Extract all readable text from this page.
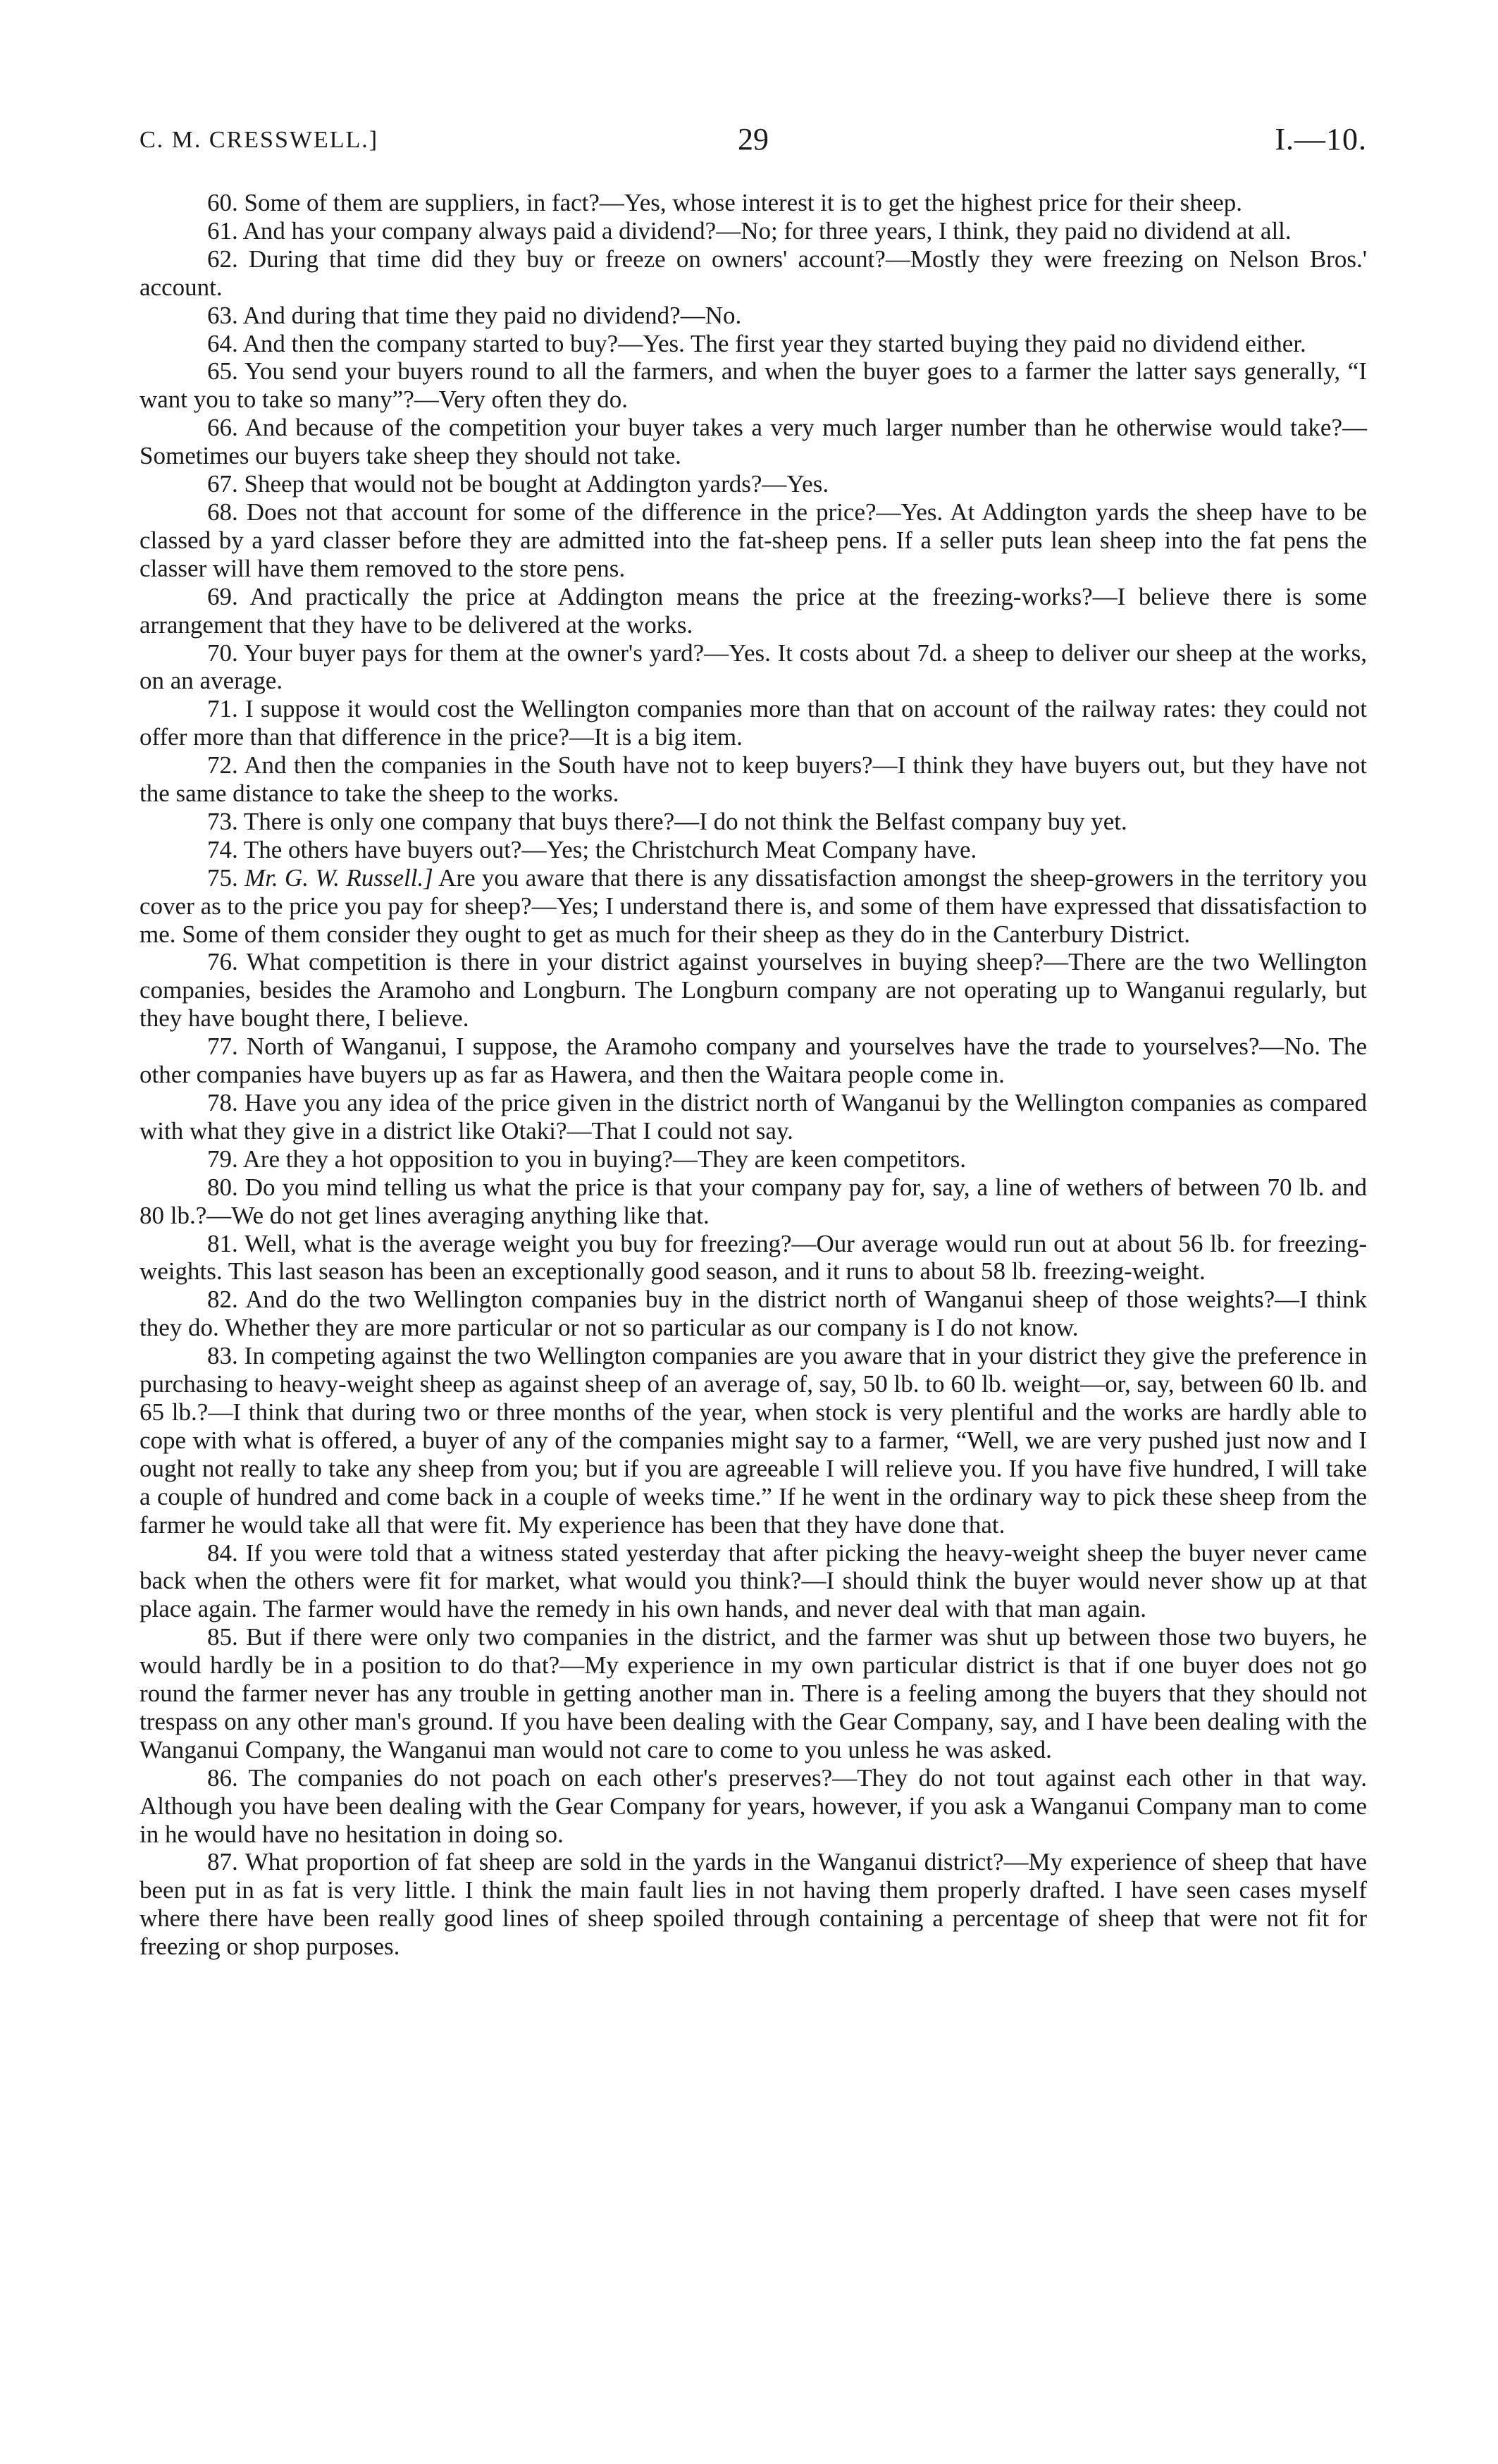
C. M. CRESSWELL.]	29	I.—10.

60. Some of them are suppliers, in fact?—Yes, whose interest it is to get the highest price for their sheep.

61. And has your company always paid a dividend?—No; for three years, I think, they paid no dividend at all.

62. During that time did they buy or freeze on owners' account?—Mostly they were freezing on Nelson Bros.' account.

63. And during that time they paid no dividend?—No.

64. And then the company started to buy?—Yes. The first year they started buying they paid no dividend either.

65. You send your buyers round to all the farmers, and when the buyer goes to a farmer the latter says generally, “I want you to take so many”?—Very often they do.

66. And because of the competition your buyer takes a very much larger number than he otherwise would take?—Sometimes our buyers take sheep they should not take.

67. Sheep that would not be bought at Addington yards?—Yes.

68. Does not that account for some of the difference in the price?—Yes. At Addington yards the sheep have to be classed by a yard classer before they are admitted into the fat-sheep pens. If a seller puts lean sheep into the fat pens the classer will have them removed to the store pens.

69. And practically the price at Addington means the price at the freezing-works?—I believe there is some arrangement that they have to be delivered at the works.

70. Your buyer pays for them at the owner's yard?—Yes. It costs about 7d. a sheep to deliver our sheep at the works, on an average.

71. I suppose it would cost the Wellington companies more than that on account of the railway rates: they could not offer more than that difference in the price?—It is a big item.

72. And then the companies in the South have not to keep buyers?—I think they have buyers out, but they have not the same distance to take the sheep to the works.

73. There is only one company that buys there?—I do not think the Belfast company buy yet.

74. The others have buyers out?—Yes; the Christchurch Meat Company have.

75. Mr. G. W. Russell.] Are you aware that there is any dissatisfaction amongst the sheep-growers in the territory you cover as to the price you pay for sheep?—Yes; I understand there is, and some of them have expressed that dissatisfaction to me. Some of them consider they ought to get as much for their sheep as they do in the Canterbury District.

76. What competition is there in your district against yourselves in buying sheep?—There are the two Wellington companies, besides the Aramoho and Longburn. The Longburn company are not operating up to Wanganui regularly, but they have bought there, I believe.

77. North of Wanganui, I suppose, the Aramoho company and yourselves have the trade to yourselves?—No. The other companies have buyers up as far as Hawera, and then the Waitara people come in.

78. Have you any idea of the price given in the district north of Wanganui by the Wellington companies as compared with what they give in a district like Otaki?—That I could not say.

79. Are they a hot opposition to you in buying?—They are keen competitors.

80. Do you mind telling us what the price is that your company pay for, say, a line of wethers of between 70 lb. and 80 lb.?—We do not get lines averaging anything like that.

81. Well, what is the average weight you buy for freezing?—Our average would run out at about 56 lb. for freezing-weights. This last season has been an exceptionally good season, and it runs to about 58 lb. freezing-weight.

82. And do the two Wellington companies buy in the district north of Wanganui sheep of those weights?—I think they do. Whether they are more particular or not so particular as our company is I do not know.

83. In competing against the two Wellington companies are you aware that in your district they give the preference in purchasing to heavy-weight sheep as against sheep of an average of, say, 50 lb. to 60 lb. weight—or, say, between 60 lb. and 65 lb.?—I think that during two or three months of the year, when stock is very plentiful and the works are hardly able to cope with what is offered, a buyer of any of the companies might say to a farmer, “Well, we are very pushed just now and I ought not really to take any sheep from you; but if you are agreeable I will relieve you. If you have five hundred, I will take a couple of hundred and come back in a couple of weeks time.” If he went in the ordinary way to pick these sheep from the farmer he would take all that were fit. My experience has been that they have done that.

84. If you were told that a witness stated yesterday that after picking the heavy-weight sheep the buyer never came back when the others were fit for market, what would you think?—I should think the buyer would never show up at that place again. The farmer would have the remedy in his own hands, and never deal with that man again.

85. But if there were only two companies in the district, and the farmer was shut up between those two buyers, he would hardly be in a position to do that?—My experience in my own particular district is that if one buyer does not go round the farmer never has any trouble in getting another man in. There is a feeling among the buyers that they should not trespass on any other man's ground. If you have been dealing with the Gear Company, say, and I have been dealing with the Wanganui Company, the Wanganui man would not care to come to you unless he was asked.

86. The companies do not poach on each other's preserves?—They do not tout against each other in that way. Although you have been dealing with the Gear Company for years, however, if you ask a Wanganui Company man to come in he would have no hesitation in doing so.

87. What proportion of fat sheep are sold in the yards in the Wanganui district?—My experience of sheep that have been put in as fat is very little. I think the main fault lies in not having them properly drafted. I have seen cases myself where there have been really good lines of sheep spoiled through containing a percentage of sheep that were not fit for freezing or shop purposes.
